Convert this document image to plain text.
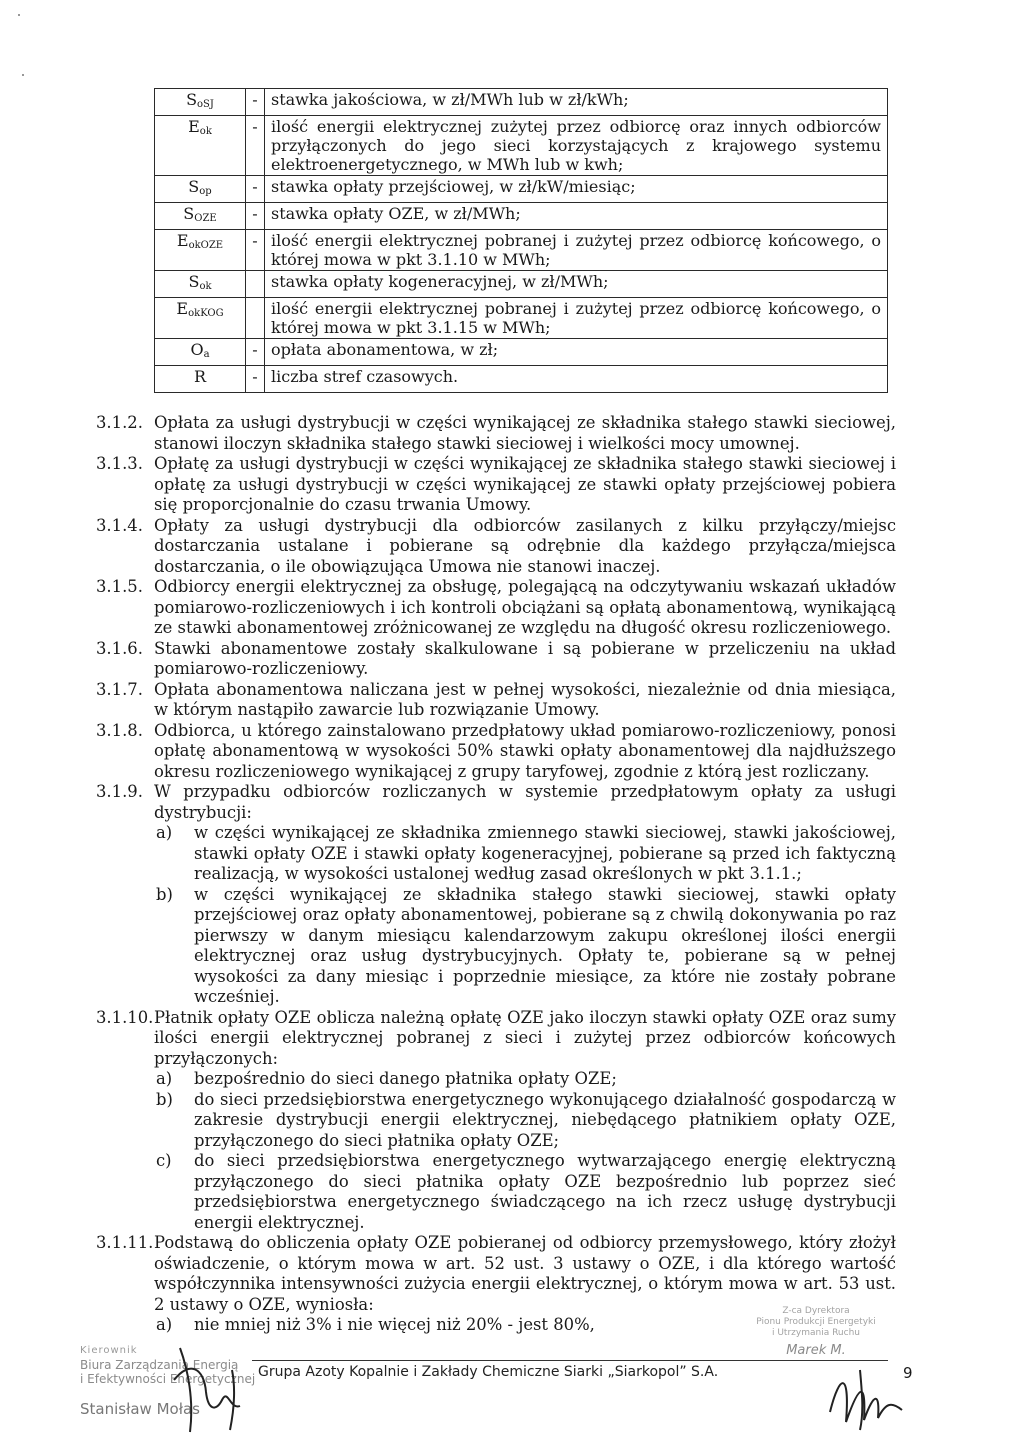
$S_{oSJ}$	-	stawka jakościowa, w zł/MWh lub w zł/kWh;
$E_{ok}$	-	ilość energii elektrycznej zużytej przez odbiorcę oraz innych odbiorców przyłączonych do jego sieci korzystających z krajowego systemu elektroenergetycznego, w MWh lub w kwh;
$S_{op}$	-	stawka opłaty przejściowej, w zł/kW/miesiąc;
$S_{OZE}$	-	stawka opłaty OZE, w zł/MWh;
$E_{okOZE}$	-	ilość energii elektrycznej pobranej i zużytej przez odbiorcę końcowego, o której mowa w pkt 3.1.10 w MWh;
$S_{ok}$		stawka opłaty kogeneracyjnej, w zł/MWh;
$E_{okKOG}$		ilość energii elektrycznej pobranej i zużytej przez odbiorcę końcowego, o której mowa w pkt 3.1.15 w MWh;
$O_a$	-	opłata abonamentowa, w zł;
R	-	liczba stref czasowych.
3.1.2. Opłata za usługi dystrybucji w części wynikającej ze składnika stałego stawki sieciowej, stanowi iloczyn składnika stałego stawki sieciowej i wielkości mocy umownej.
3.1.3. Opłatę za usługi dystrybucji w części wynikającej ze składnika stałego stawki sieciowej i opłatę za usługi dystrybucji w części wynikającej ze stawki opłaty przejściowej pobiera się proporcjonalnie do czasu trwania Umowy.
3.1.4. Opłaty za usługi dystrybucji dla odbiorców zasilanych z kilku przyłączy/miejsc dostarczania ustalane i pobierane są odrębnie dla każdego przyłącza/miejsca dostarczania, o ile obowiązująca Umowa nie stanowi inaczej.
3.1.5. Odbiorcy energii elektrycznej za obsługę, polegającą na odczytywaniu wskazań układów pomiarowo-rozliczeniowych i ich kontroli obciążani są opłatą abonamentową, wynikającą ze stawki abonamentowej zróżnicowanej ze względu na długość okresu rozliczeniowego.
3.1.6. Stawki abonamentowe zostały skalkulowane i są pobierane w przeliczeniu na układ pomiarowo-rozliczeniowy.
3.1.7. Opłata abonamentowa naliczana jest w pełnej wysokości, niezależnie od dnia miesiąca, w którym nastąpiło zawarcie lub rozwiązanie Umowy.
3.1.8. Odbiorca, u którego zainstalowano przedpłatowy układ pomiarowo-rozliczeniowy, ponosi opłatę abonamentową w wysokości 50% stawki opłaty abonamentowej dla najdłuższego okresu rozliczeniowego wynikającej z grupy taryfowej, zgodnie z którą jest rozliczany.
3.1.9. W przypadku odbiorców rozliczanych w systemie przedpłatowym opłaty za usługi dystrybucji:
a)	w części wynikającej ze składnika zmiennego stawki sieciowej, stawki jakościowej, stawki opłaty OZE i stawki opłaty kogeneracyjnej, pobierane są przed ich faktyczną realizacją, w wysokości ustalonej według zasad określonych w pkt 3.1.1.;
b)	w części wynikającej ze składnika stałego stawki sieciowej, stawki opłaty przejściowej oraz opłaty abonamentowej, pobierane są z chwilą dokonywania po raz pierwszy w danym miesiącu kalendarzowym zakupu określonej ilości energii elektrycznej oraz usług dystrybucyjnych. Opłaty te, pobierane są w pełnej wysokości za dany miesiąc i poprzednie miesiące, za które nie zostały pobrane wcześniej.
3.1.10. Płatnik opłaty OZE oblicza należną opłatę OZE jako iloczyn stawki opłaty OZE oraz sumy ilości energii elektrycznej pobranej z sieci i zużytej przez odbiorców końcowych przyłączonych:
a)	bezpośrednio do sieci danego płatnika opłaty OZE;
b)	do sieci przedsiębiorstwa energetycznego wykonującego działalność gospodarczą w zakresie dystrybucji energii elektrycznej, niebędącego płatnikiem opłaty OZE, przyłączonego do sieci płatnika opłaty OZE;
c)	do sieci przedsiębiorstwa energetycznego wytwarzającego energię elektryczną przyłączonego do sieci płatnika opłaty OZE bezpośrednio lub poprzez sieć przedsiębiorstwa energetycznego świadczącego na ich rzecz usługę dystrybucji energii elektrycznej.
3.1.11. Podstawą do obliczenia opłaty OZE pobieranej od odbiorcy przemysłowego, który złożył oświadczenie, o którym mowa w art. 52 ust. 3 ustawy o OZE, i dla którego wartość współczynnika intensywności zużycia energii elektrycznej, o którym mowa w art. 53 ust. 2 ustawy o OZE, wyniosła:
a)	nie mniej niż 3% i nie więcej niż 20% - jest 80%,
Grupa Azoty Kopalnie i Zakłady Chemiczne Siarki „Siarkopol” S.A.	9
Kierownik
Biura Zarządzania Energią
i Efektywności Energetycznej
Stanisław Mołas
Z-ca Dyrektora
Pionu Produkcji Energetyki
i Utrzymania Ruchu
Marek M.
